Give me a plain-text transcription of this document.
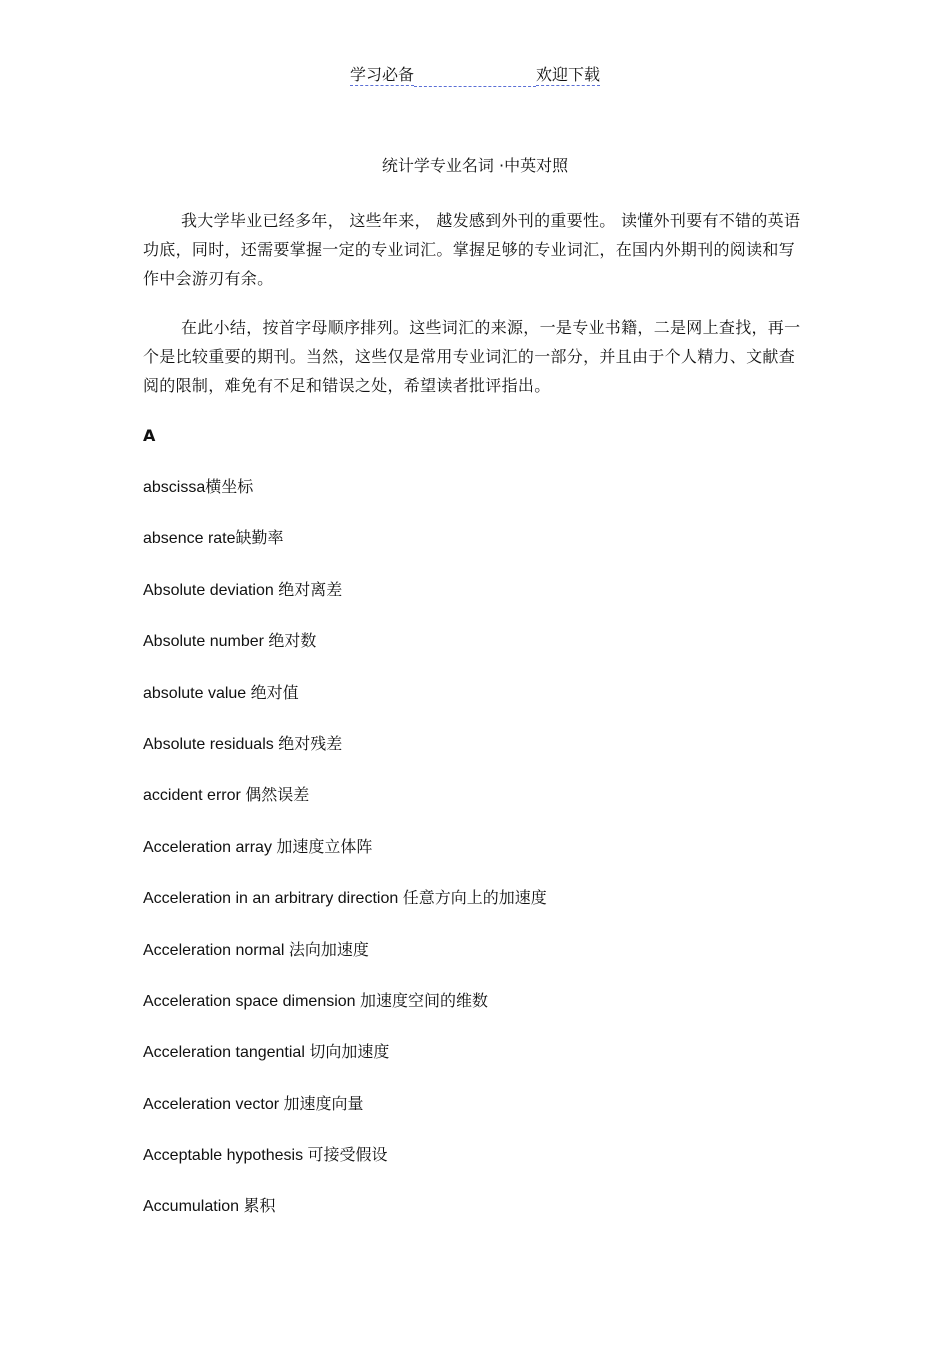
学习必备	欢迎下载
统计学专业名词 ·中英对照

我大学毕业已经多年， 这些年来， 越发感到外刊的重要性。 读懂外刊要有不错的英语功底，同时，还需要掌握一定的专业词汇。掌握足够的专业词汇，在国内外期刊的阅读和写作中会游刃有余。

在此小结，按首字母顺序排列。这些词汇的来源，一是专业书籍，二是网上查找，再一个是比较重要的期刊。当然，这些仅是常用专业词汇的一部分，并且由于个人精力、文献查阅的限制，难免有不足和错误之处，希望读者批评指出。

A
abscissa横坐标
absence rate缺勤率
Absolute deviation 绝对离差
Absolute number 绝对数
absolute value 绝对值
Absolute residuals 绝对残差
accident error 偶然误差
Acceleration array 加速度立体阵
Acceleration in an arbitrary direction 任意方向上的加速度
Acceleration normal 法向加速度
Acceleration space dimension 加速度空间的维数
Acceleration tangential 切向加速度
Acceleration vector 加速度向量
Acceptable hypothesis 可接受假设
Accumulation 累积
